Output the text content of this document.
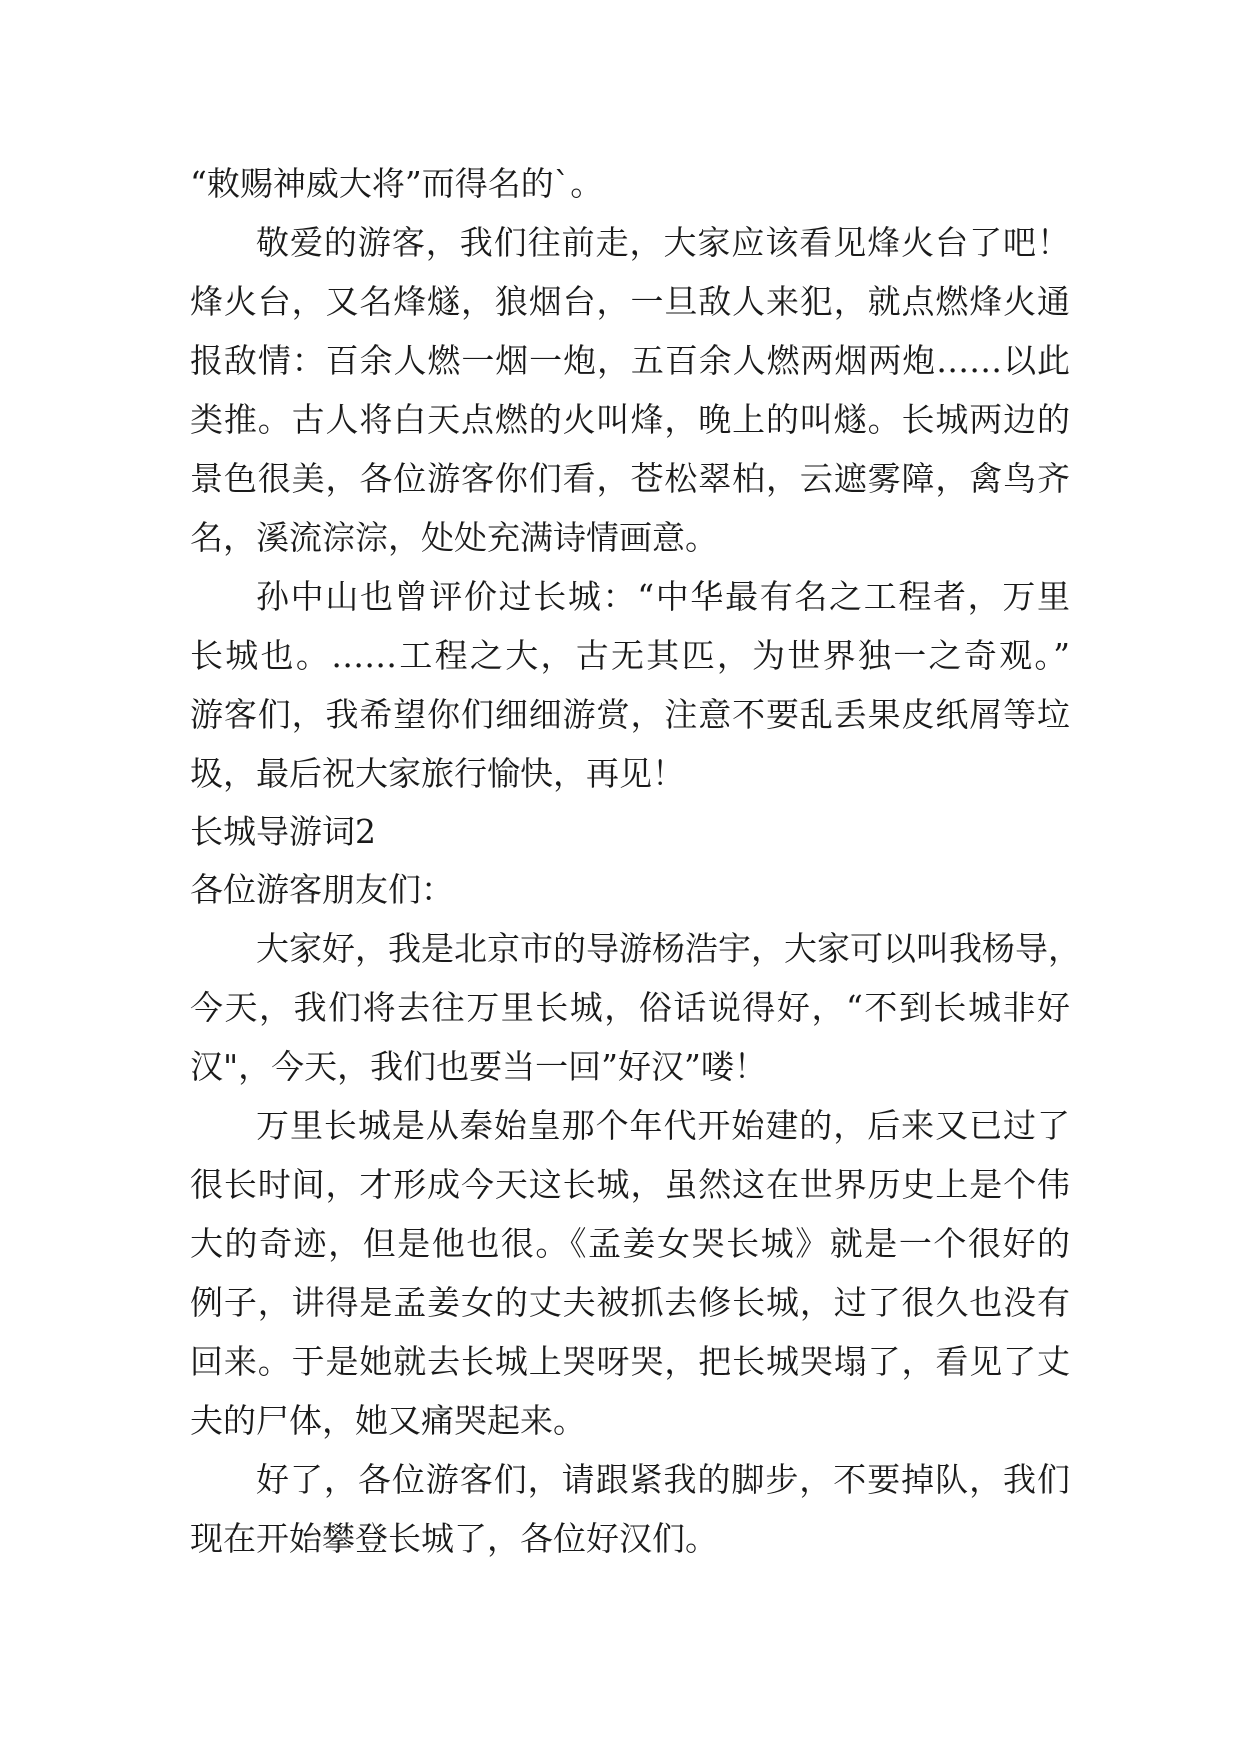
“敕赐神威大将”而得名的`。
敬爱的游客，我们往前走，大家应该看见烽火台了吧！
烽火台，又名烽燧，狼烟台，一旦敌人来犯，就点燃烽火通
报敌情：百余人燃一烟一炮，五百余人燃两烟两炮……以此
类推。古人将白天点燃的火叫烽，晚上的叫燧。长城两边的
景色很美，各位游客你们看，苍松翠柏，云遮雾障，禽鸟齐
名，溪流淙淙，处处充满诗情画意。
孙中山也曾评价过长城：“中华最有名之工程者，万里
长城也。……工程之大，古无其匹，为世界独一之奇观。”
游客们，我希望你们细细游赏，注意不要乱丢果皮纸屑等垃
圾，最后祝大家旅行愉快，再见！
长城导游词2
各位游客朋友们：
大家好，我是北京市的导游杨浩宇，大家可以叫我杨导，
今天，我们将去往万里长城，俗话说得好，“不到长城非好
汉"，今天，我们也要当一回”好汉”喽！
万里长城是从秦始皇那个年代开始建的，后来又已过了
很长时间，才形成今天这长城，虽然这在世界历史上是个伟
大的奇迹，但是他也很。《孟姜女哭长城》就是一个很好的
例子，讲得是孟姜女的丈夫被抓去修长城，过了很久也没有
回来。于是她就去长城上哭呀哭，把长城哭塌了，看见了丈
夫的尸体，她又痛哭起来。
好了，各位游客们，请跟紧我的脚步，不要掉队，我们
现在开始攀登长城了，各位好汉们。
